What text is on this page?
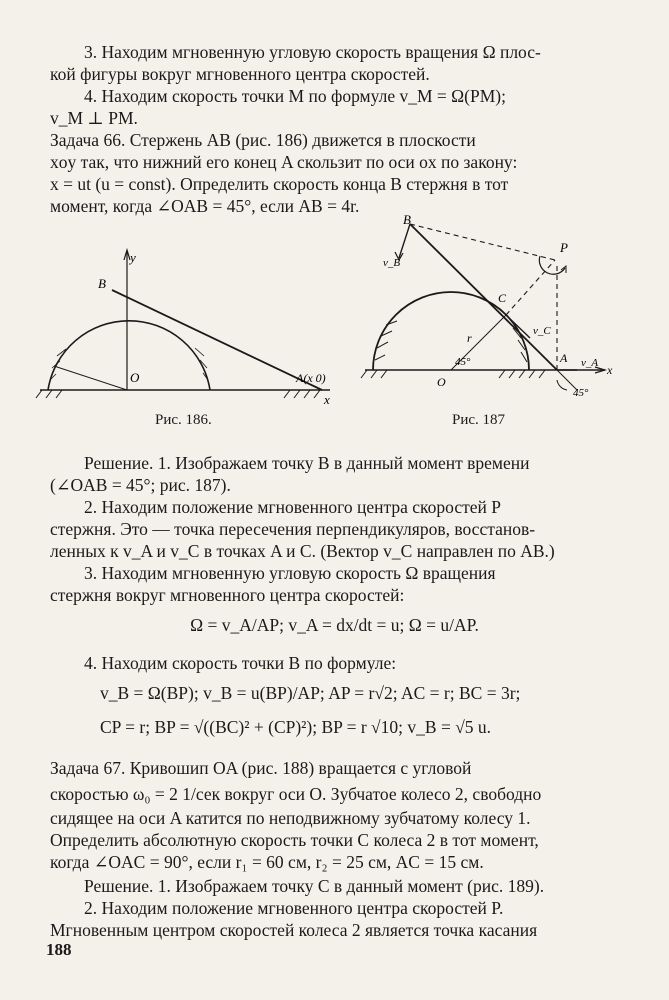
3. Находим мгновенную угловую скорость вращения Ω плос-
кой фигуры вокруг мгновенного центра скоростей.
4. Находим скорость точки M по формуле v_M = Ω(PM);
v_M ⊥ PM.
Задача 66. Стержень AB (рис. 186) движется в плоскости
xoy так, что нижний его конец A скользит по оси ox по закону:
x = ut (u = const). Определить скорость конца B стержня в тот
момент, когда ∠OAB = 45°, если AB = 4r.
y
B
O	A(x 0)
x
Рис. 186.
B
v_B
P
C
r	v_C
45°
O
A v_A
45°
x
Рис. 187
Решение. 1. Изображаем точку B в данный момент времени
(∠OAB = 45°; рис. 187).
2. Находим положение мгновенного центра скоростей P
стержня. Это — точка пересечения перпендикуляров, восстанов-
ленных к v_A и v_C в точках A и C. (Вектор v_C направлен по AB.)
3. Находим мгновенную угловую скорость Ω вращения
стержня вокруг мгновенного центра скоростей:
Ω = v_A/AP; v_A = dx/dt = u; Ω = u/AP.
4. Находим скорость точки B по формуле:
v_B = Ω(BP); v_B = u(BP)/AP; AP = r√2; AC = r; BC = 3r;
CP = r; BP = √((BC)² + (CP)²); BP = r √10; v_B = √5 u.
Задача 67. Кривошип OA (рис. 188) вращается с угловой
скоростью ω₀ = 2 1/сек вокруг оси O. Зубчатое колесо 2, свободно
сидящее на оси A катится по неподвижному зубчатому колесу 1.
Определить абсолютную скорость точки C колеса 2 в тот момент,
когда ∠OAC = 90°, если r₁ = 60 см, r₂ = 25 см, AC = 15 см.
Решение. 1. Изображаем точку C в данный момент (рис. 189).
2. Находим положение мгновенного центра скоростей P.
Мгновенным центром скоростей колеса 2 является точка касания
188
